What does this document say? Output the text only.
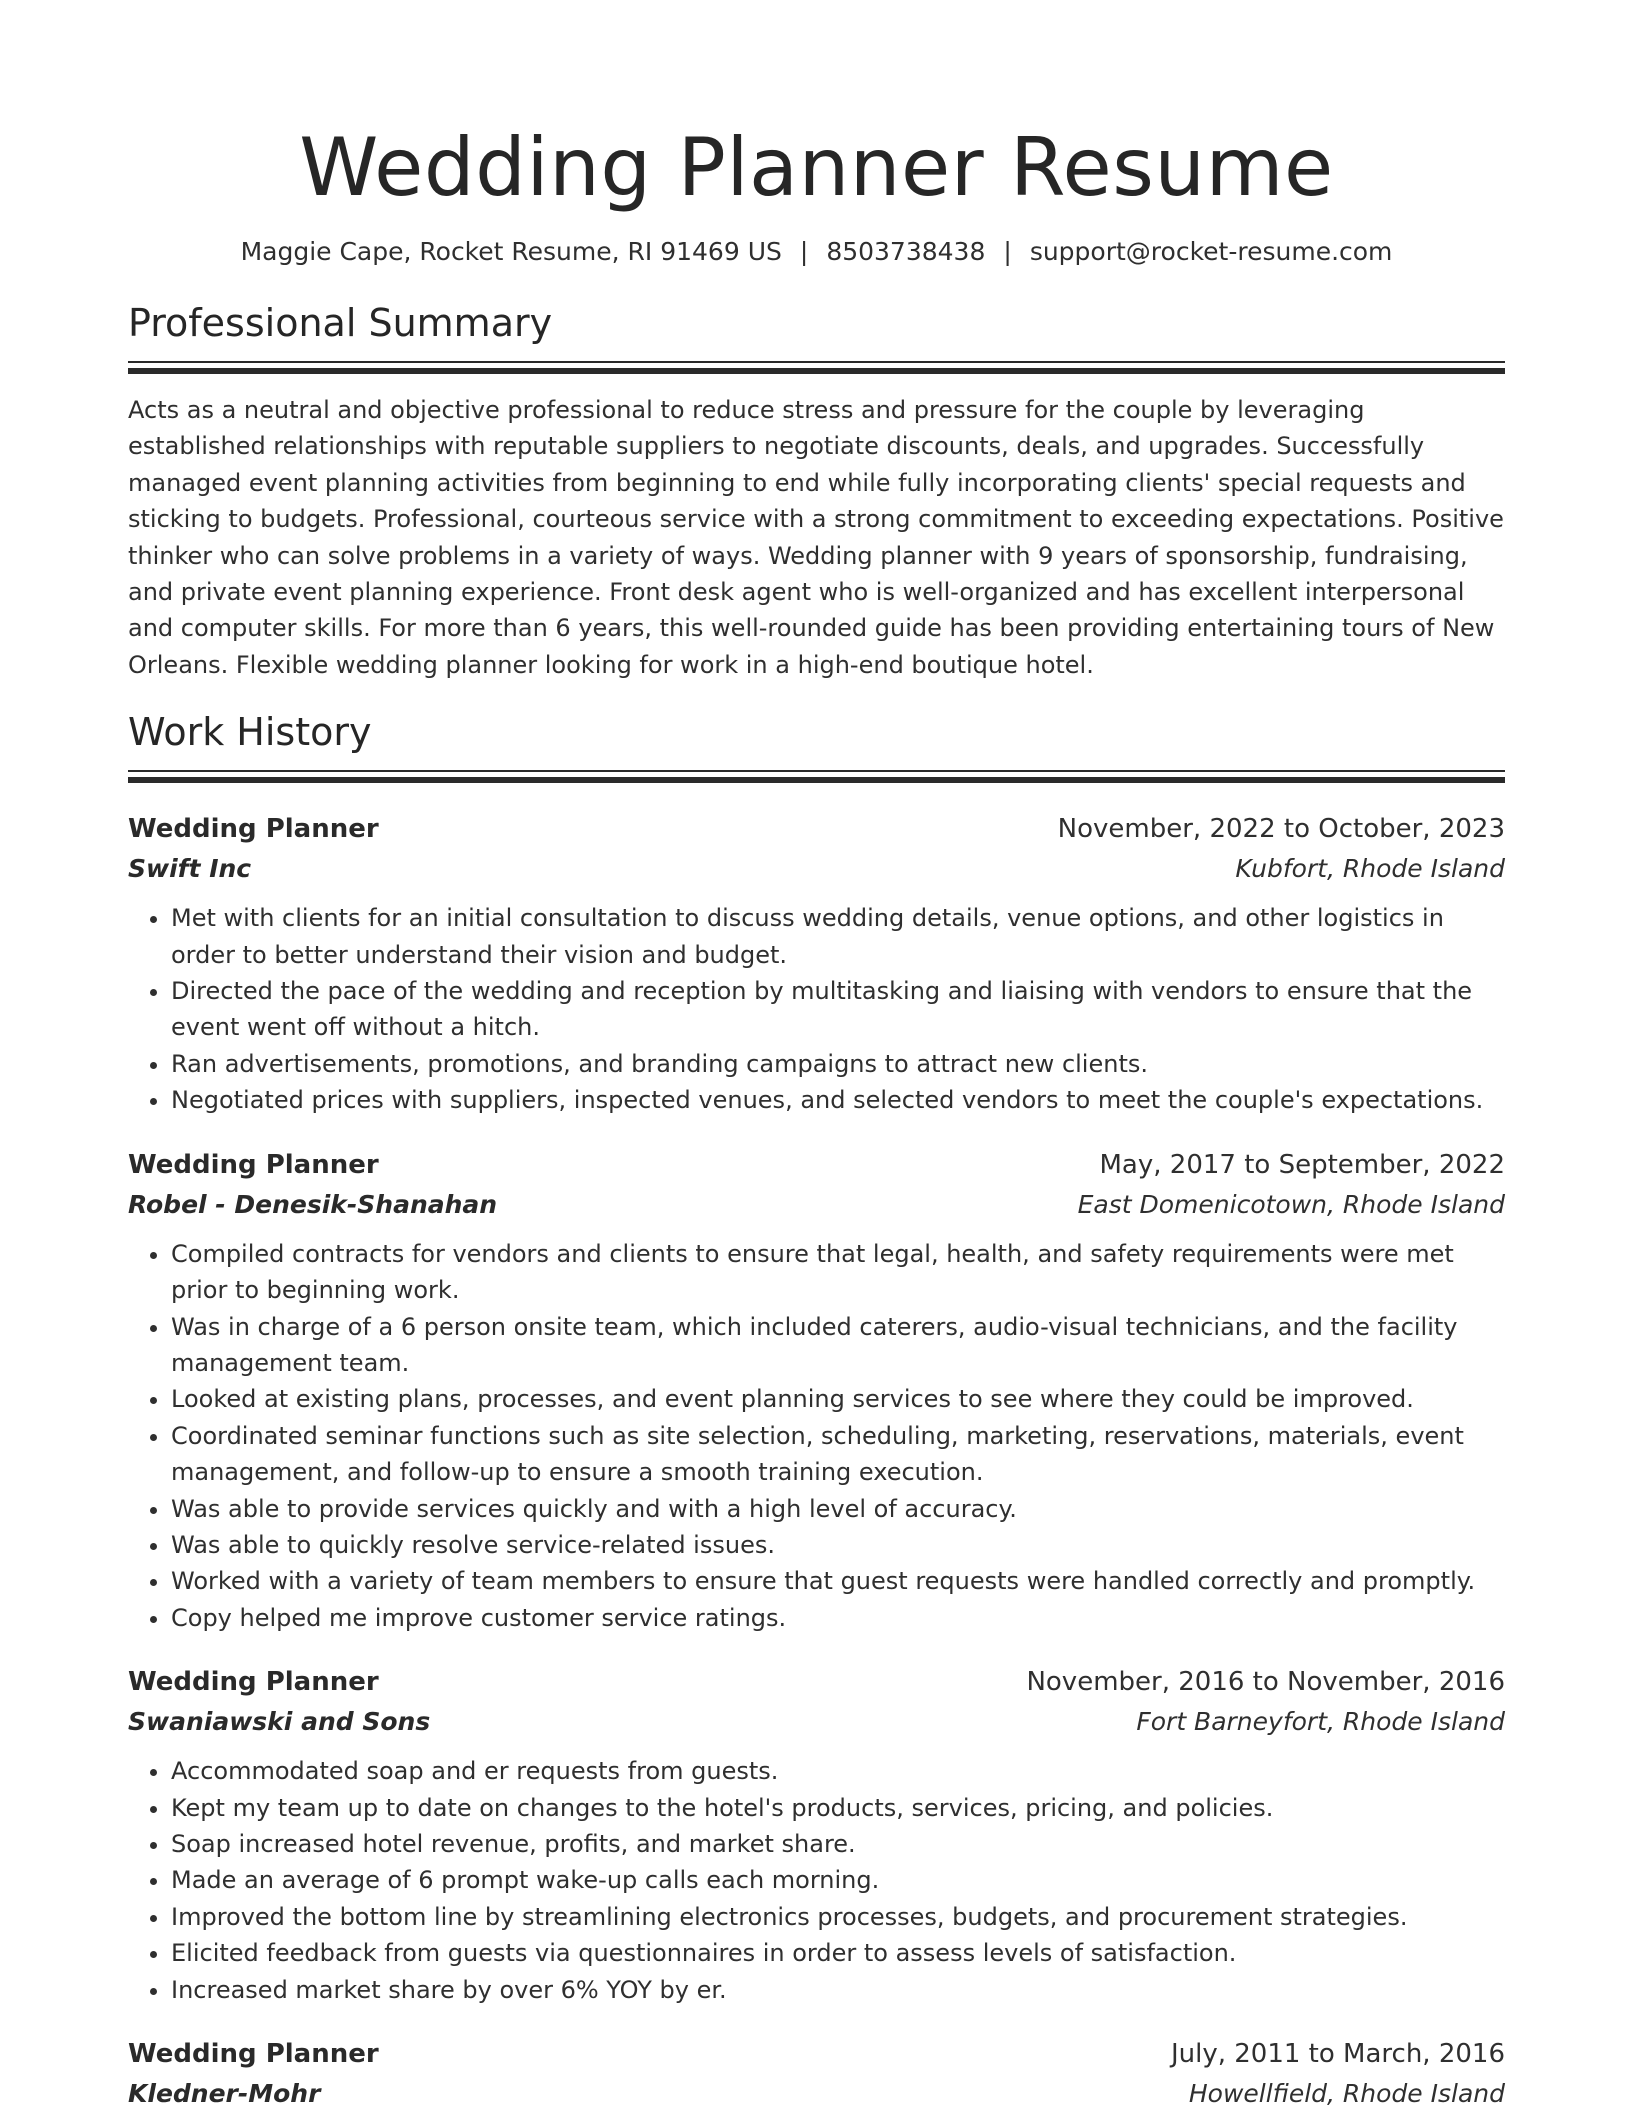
Wedding Planner Resume
Maggie Cape, Rocket Resume, RI 91469 US | 8503738438 | support@rocket-resume.com
Professional Summary
Acts as a neutral and objective professional to reduce stress and pressure for the couple by leveraging established relationships with reputable suppliers to negotiate discounts, deals, and upgrades. Successfully managed event planning activities from beginning to end while fully incorporating clients' special requests and sticking to budgets. Professional, courteous service with a strong commitment to exceeding expectations. Positive thinker who can solve problems in a variety of ways. Wedding planner with 9 years of sponsorship, fundraising, and private event planning experience. Front desk agent who is well-organized and has excellent interpersonal and computer skills. For more than 6 years, this well-rounded guide has been providing entertaining tours of New Orleans. Flexible wedding planner looking for work in a high-end boutique hotel.
Work History
Wedding Planner	November, 2022 to October, 2023
Swift Inc	Kubfort, Rhode Island
• Met with clients for an initial consultation to discuss wedding details, venue options, and other logistics in order to better understand their vision and budget.
• Directed the pace of the wedding and reception by multitasking and liaising with vendors to ensure that the event went off without a hitch.
• Ran advertisements, promotions, and branding campaigns to attract new clients.
• Negotiated prices with suppliers, inspected venues, and selected vendors to meet the couple's expectations.
Wedding Planner	May, 2017 to September, 2022
Robel - Denesik-Shanahan	East Domenicotown, Rhode Island
• Compiled contracts for vendors and clients to ensure that legal, health, and safety requirements were met prior to beginning work.
• Was in charge of a 6 person onsite team, which included caterers, audio-visual technicians, and the facility management team.
• Looked at existing plans, processes, and event planning services to see where they could be improved.
• Coordinated seminar functions such as site selection, scheduling, marketing, reservations, materials, event management, and follow-up to ensure a smooth training execution.
• Was able to provide services quickly and with a high level of accuracy.
• Was able to quickly resolve service-related issues.
• Worked with a variety of team members to ensure that guest requests were handled correctly and promptly.
• Copy helped me improve customer service ratings.
Wedding Planner	November, 2016 to November, 2016
Swaniawski and Sons	Fort Barneyfort, Rhode Island
• Accommodated soap and er requests from guests.
• Kept my team up to date on changes to the hotel's products, services, pricing, and policies.
• Soap increased hotel revenue, profits, and market share.
• Made an average of 6 prompt wake-up calls each morning.
• Improved the bottom line by streamlining electronics processes, budgets, and procurement strategies.
• Elicited feedback from guests via questionnaires in order to assess levels of satisfaction.
• Increased market share by over 6% YOY by er.
Wedding Planner	July, 2011 to March, 2016
Kledner-Mohr	Howellfield, Rhode Island
